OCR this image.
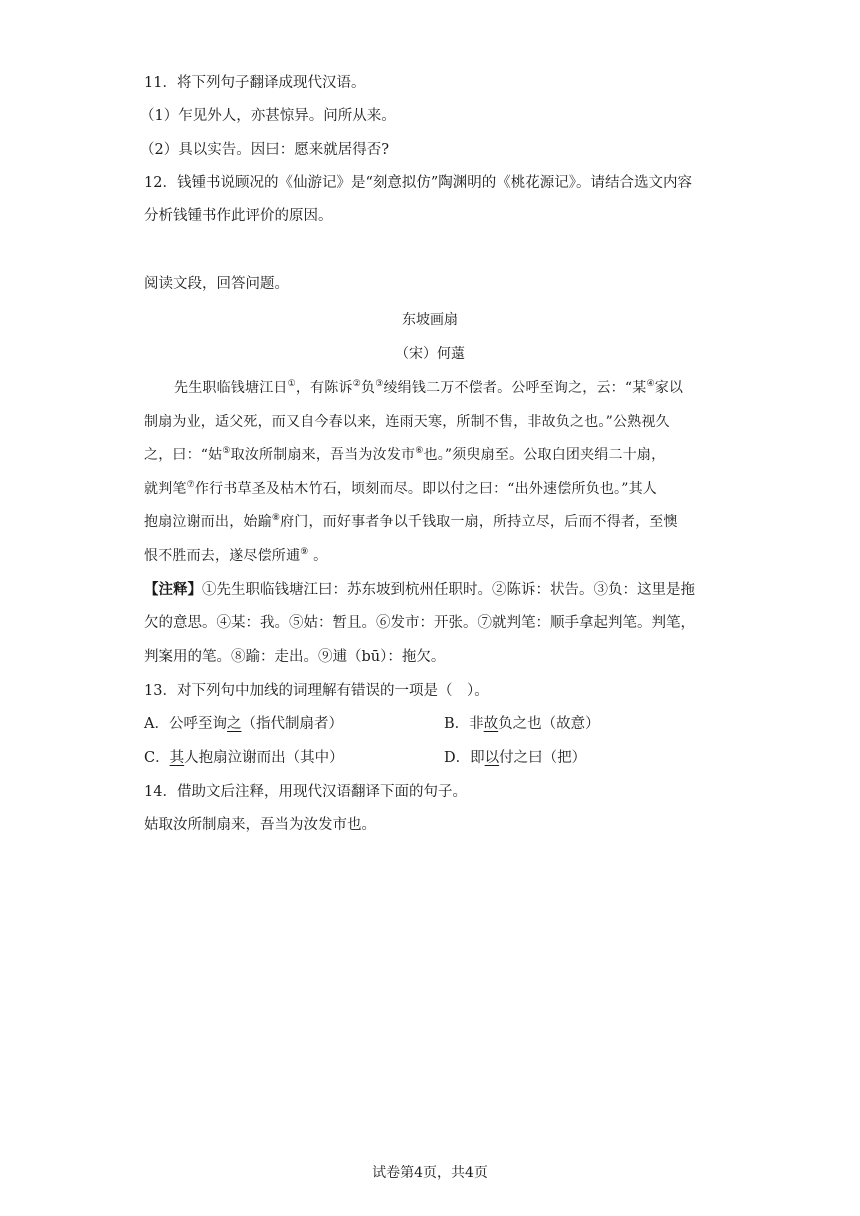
11．将下列句子翻译成现代汉语。
（1）乍见外人，亦甚惊异。问所从来。
（2）具以实告。因曰：愿来就居得否?
12．钱锺书说顾况的《仙游记》是“刻意拟仿”陶渊明的《桃花源记》。请结合选文内容
分析钱锺书作此评价的原因。
阅读文段，回答问题。
东坡画扇
（宋）何薳
先生职临钱塘江日①，有陈诉②负③绫绢钱二万不偿者。公呼至询之，云：“某④家以
制扇为业，适父死，而又自今春以来，连雨天寒，所制不售，非故负之也。”公熟视久
之，曰：“姑⑤取汝所制扇来，吾当为汝发市⑥也。”须臾扇至。公取白团夹绢二十扇，
就判笔⑦作行书草圣及枯木竹石，顷刻而尽。即以付之曰：“出外速偿所负也。”其人
抱扇泣谢而出，始踰⑧府门，而好事者争以千钱取一扇，所持立尽，后而不得者，至懊
恨不胜而去，遂尽偿所逋⑨ 。
【注释】①先生职临钱塘江曰：苏东坡到杭州任职时。②陈诉：状告。③负：这里是拖
欠的意思。④某：我。⑤姑：暂且。⑥发市：开张。⑦就判笔：顺手拿起判笔。判笔，
判案用的笔。⑧踰：走出。⑨逋（bū）：拖欠。
13．对下列句中加线的词理解有错误的一项是（　）。
A．公呼至询之（指代制扇者）	B．非故负之也（故意）
C．其人抱扇泣谢而出（其中）	D．即以付之曰（把）
14．借助文后注释，用现代汉语翻译下面的句子。
姑取汝所制扇来，吾当为汝发市也。
试卷第4页，共4页
